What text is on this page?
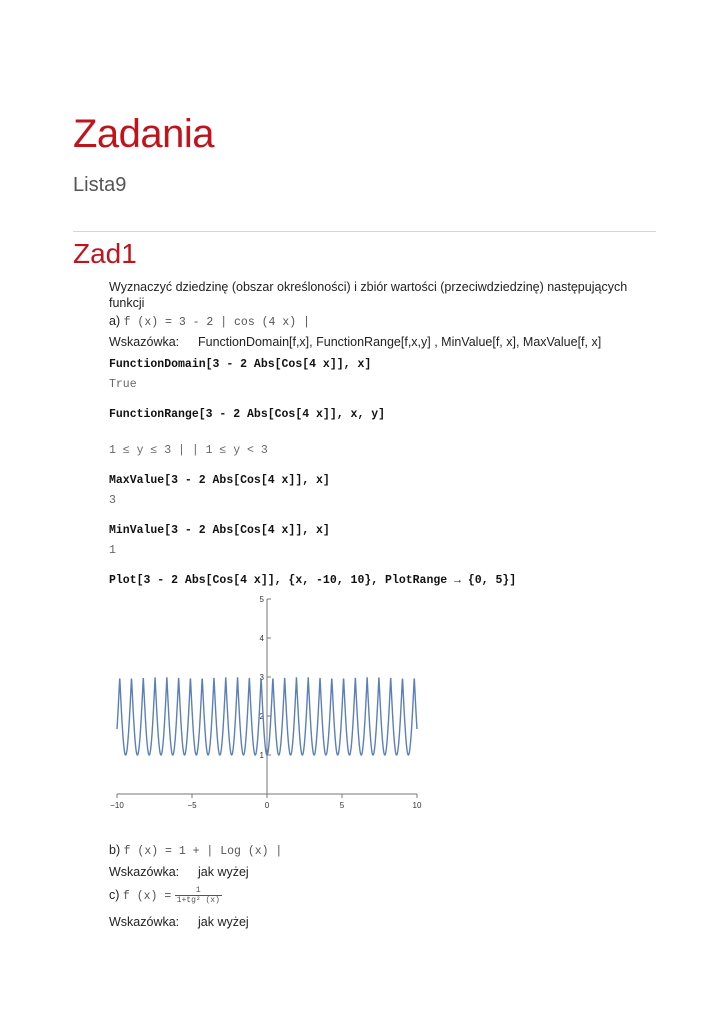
Zadania
Lista9
Zad1
Wyznaczyć dziedzinę (obszar określoności) i zbiór wartości (przeciwdziedzinę) następujących funkcji
a) f (x) = 3 - 2 | cos (4 x) |
Wskazówka: FunctionDomain[f,x], FunctionRange[f,x,y] , MinValue[f, x], MaxValue[f, x]
FunctionDomain[3 - 2 Abs[Cos[4 x]], x]
True
FunctionRange[3 - 2 Abs[Cos[4 x]], x, y]
1 ≤ y ≤ 3 | | 1 ≤ y < 3
MaxValue[3 - 2 Abs[Cos[4 x]], x]
3
MinValue[3 - 2 Abs[Cos[4 x]], x]
1
Plot[3 - 2 Abs[Cos[4 x]], {x, -10, 10}, PlotRange → {0, 5}]
−10	−5	0	5	10
1
2
3
4
5
b) f (x) = 1 + | Log (x) |
Wskazówka: jak wyżej
c) f $(x) = \frac{1}{\text{1+tg² (x)}}$
Wskazówka: jak wyżej
